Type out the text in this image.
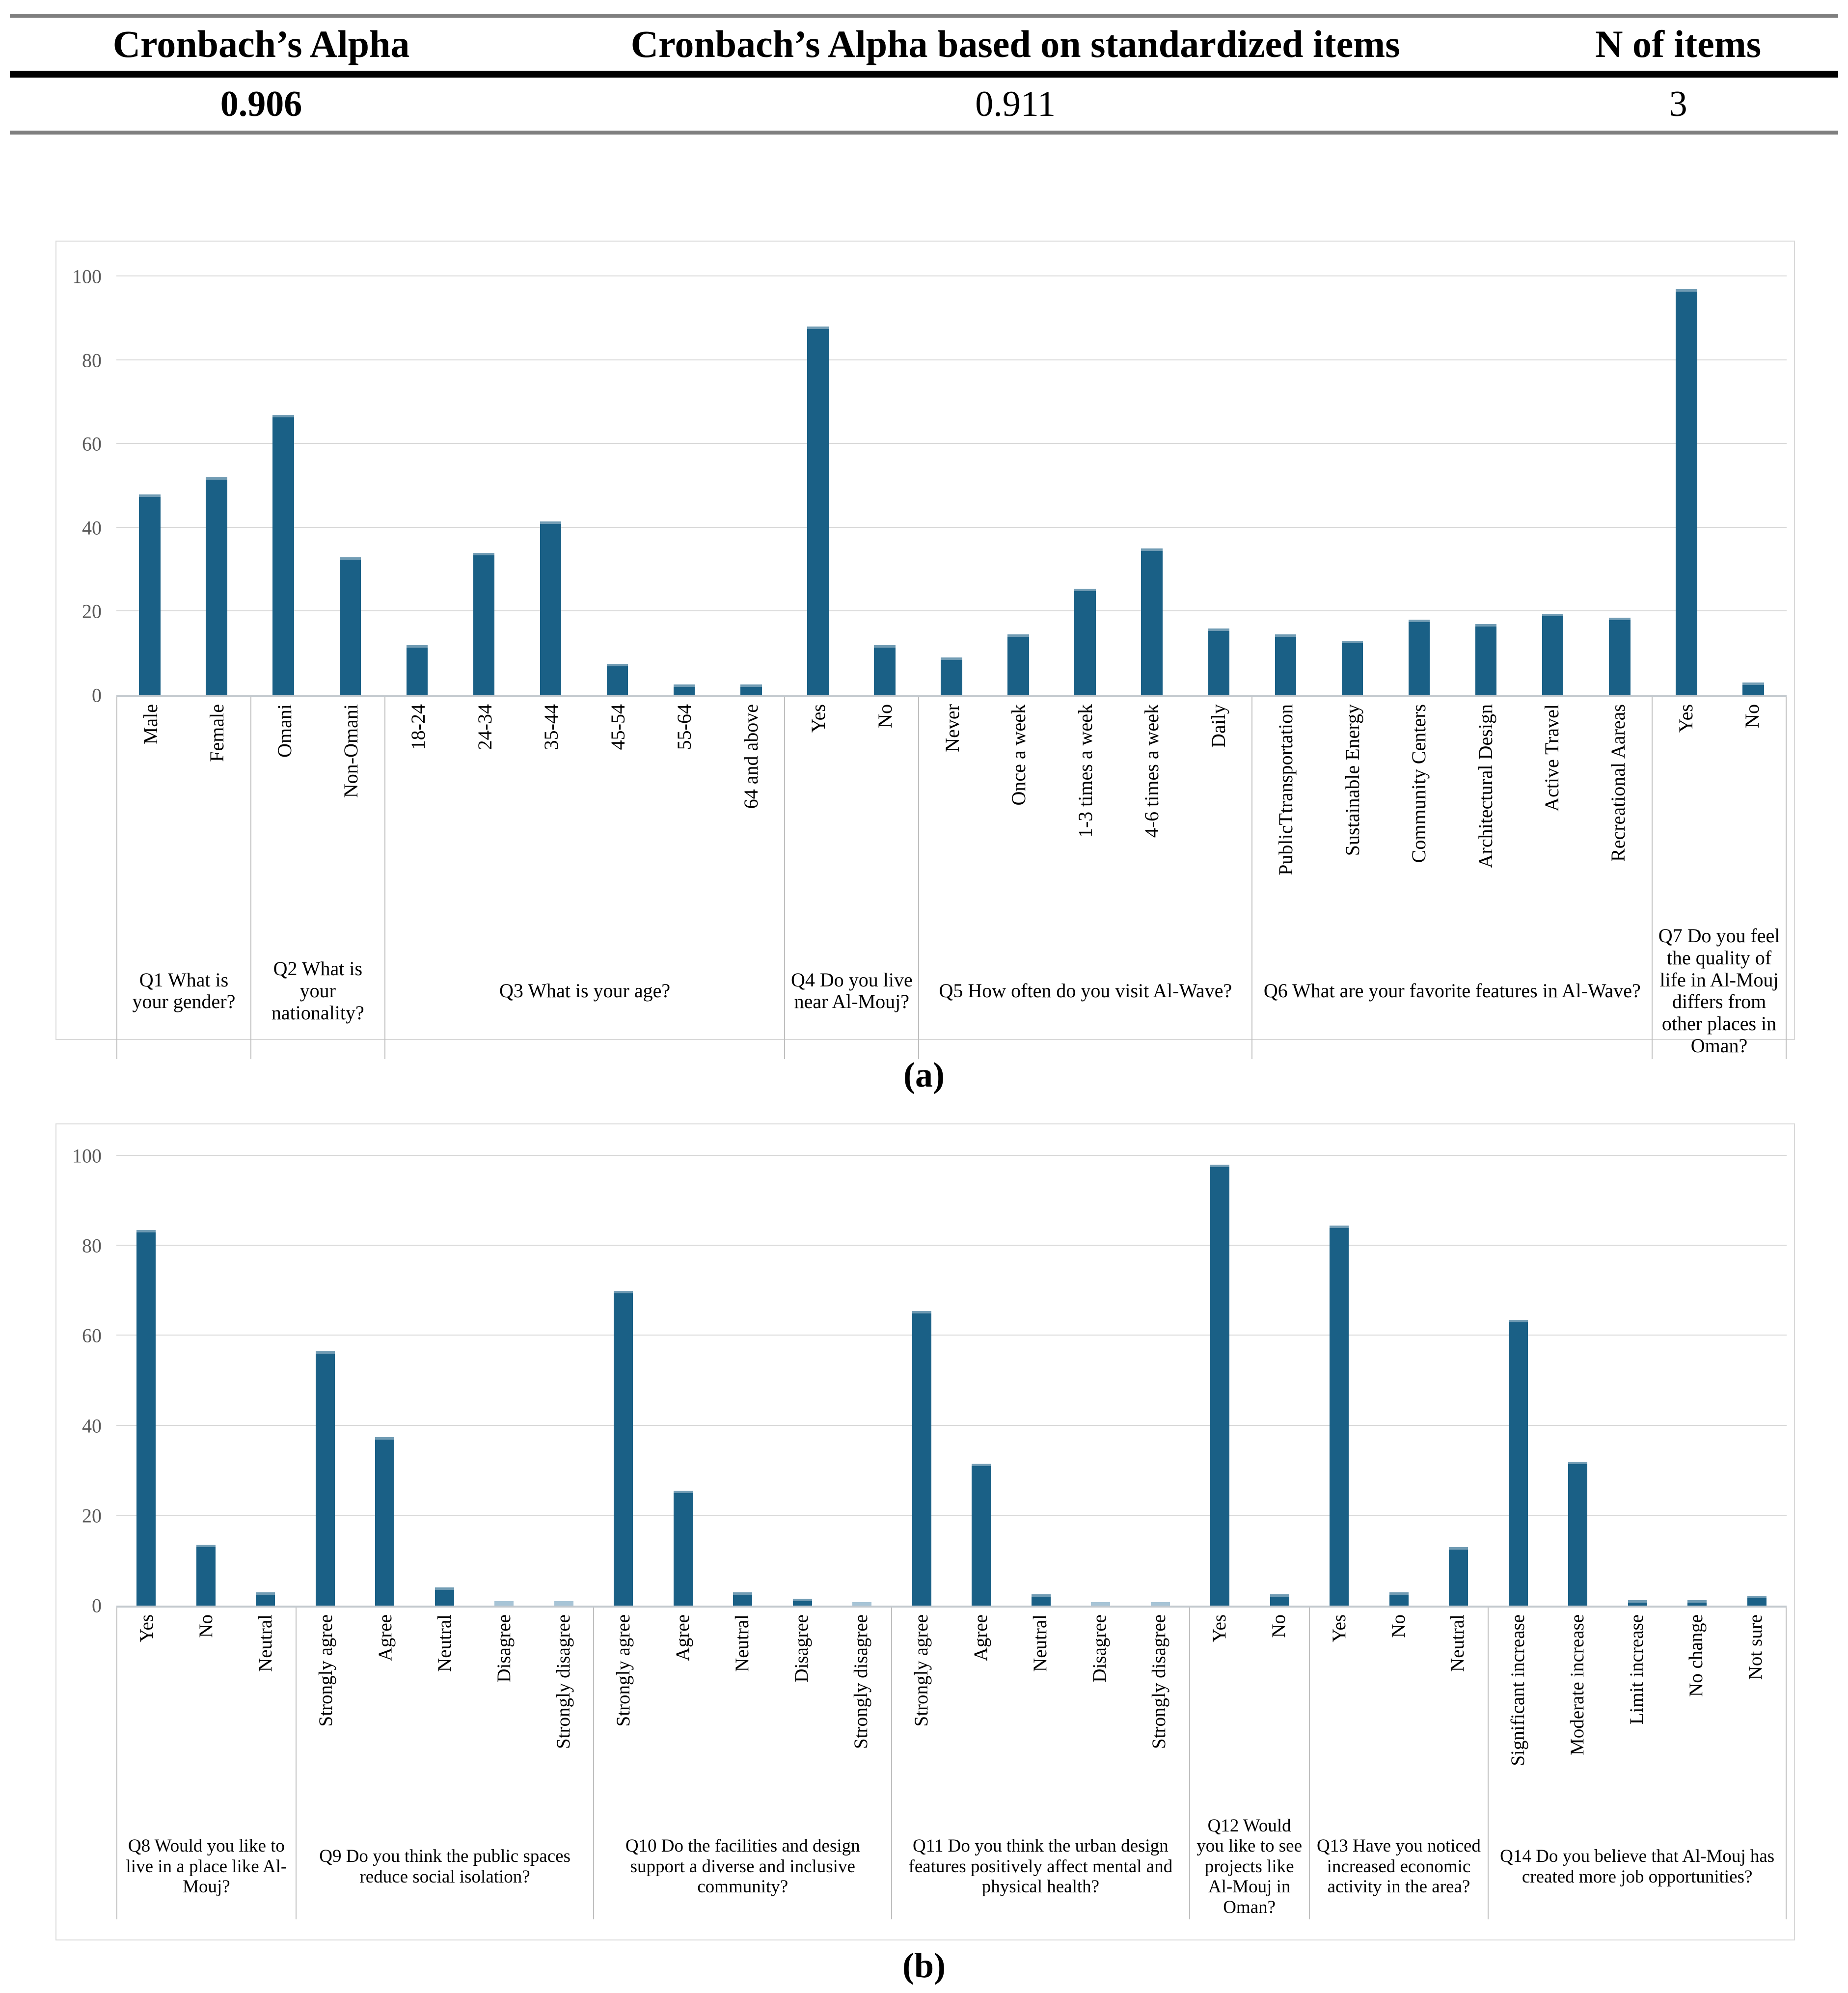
Cronbach’s Alpha	Cronbach’s Alpha based on standardized items	N of items
0.906	0.911	3
0
20
40
60
80
100
Male Female
Q1 What is your gender?
Omani Non-Omani
Q2 What is your nationality?
18-24 24-34 35-44 45-54 55-64 64 and above
Q3 What is your age?
Yes No
Q4 Do you live near Al-Mouj?
Never Once a week 1-3 times a week 4-6 times a week Daily
Q5 How often do you visit Al-Wave?
PublicTtransportation Sustainable Energy Community Centers Architectural Design Active Travel Recreational Aareas
Q6 What are your favorite features in Al-Wave?
Yes No
Q7 Do you feel the quality of life in Al-Mouj differs from other places in Oman?
(a)
0
20
40
60
80
100
Yes No Neutral
Q8 Would you like to live in a place like Al-Mouj?
Strongly agree Agree Neutral Disagree Strongly disagree
Q9 Do you think the public spaces reduce social isolation?
Strongly agree Agree Neutral Disagree Strongly disagree
Q10 Do the facilities and design support a diverse and inclusive community?
Strongly agree Agree Neutral Disagree Strongly disagree
Q11 Do you think the urban design features positively affect mental and physical health?
Yes No
Q12 Would you like to see projects like Al-Mouj in Oman?
Yes No Neutral
Q13 Have you noticed increased economic activity in the area?
Significant increase Moderate increase Limit increase No change Not sure
Q14 Do you believe that Al-Mouj has created more job opportunities?
(b)
